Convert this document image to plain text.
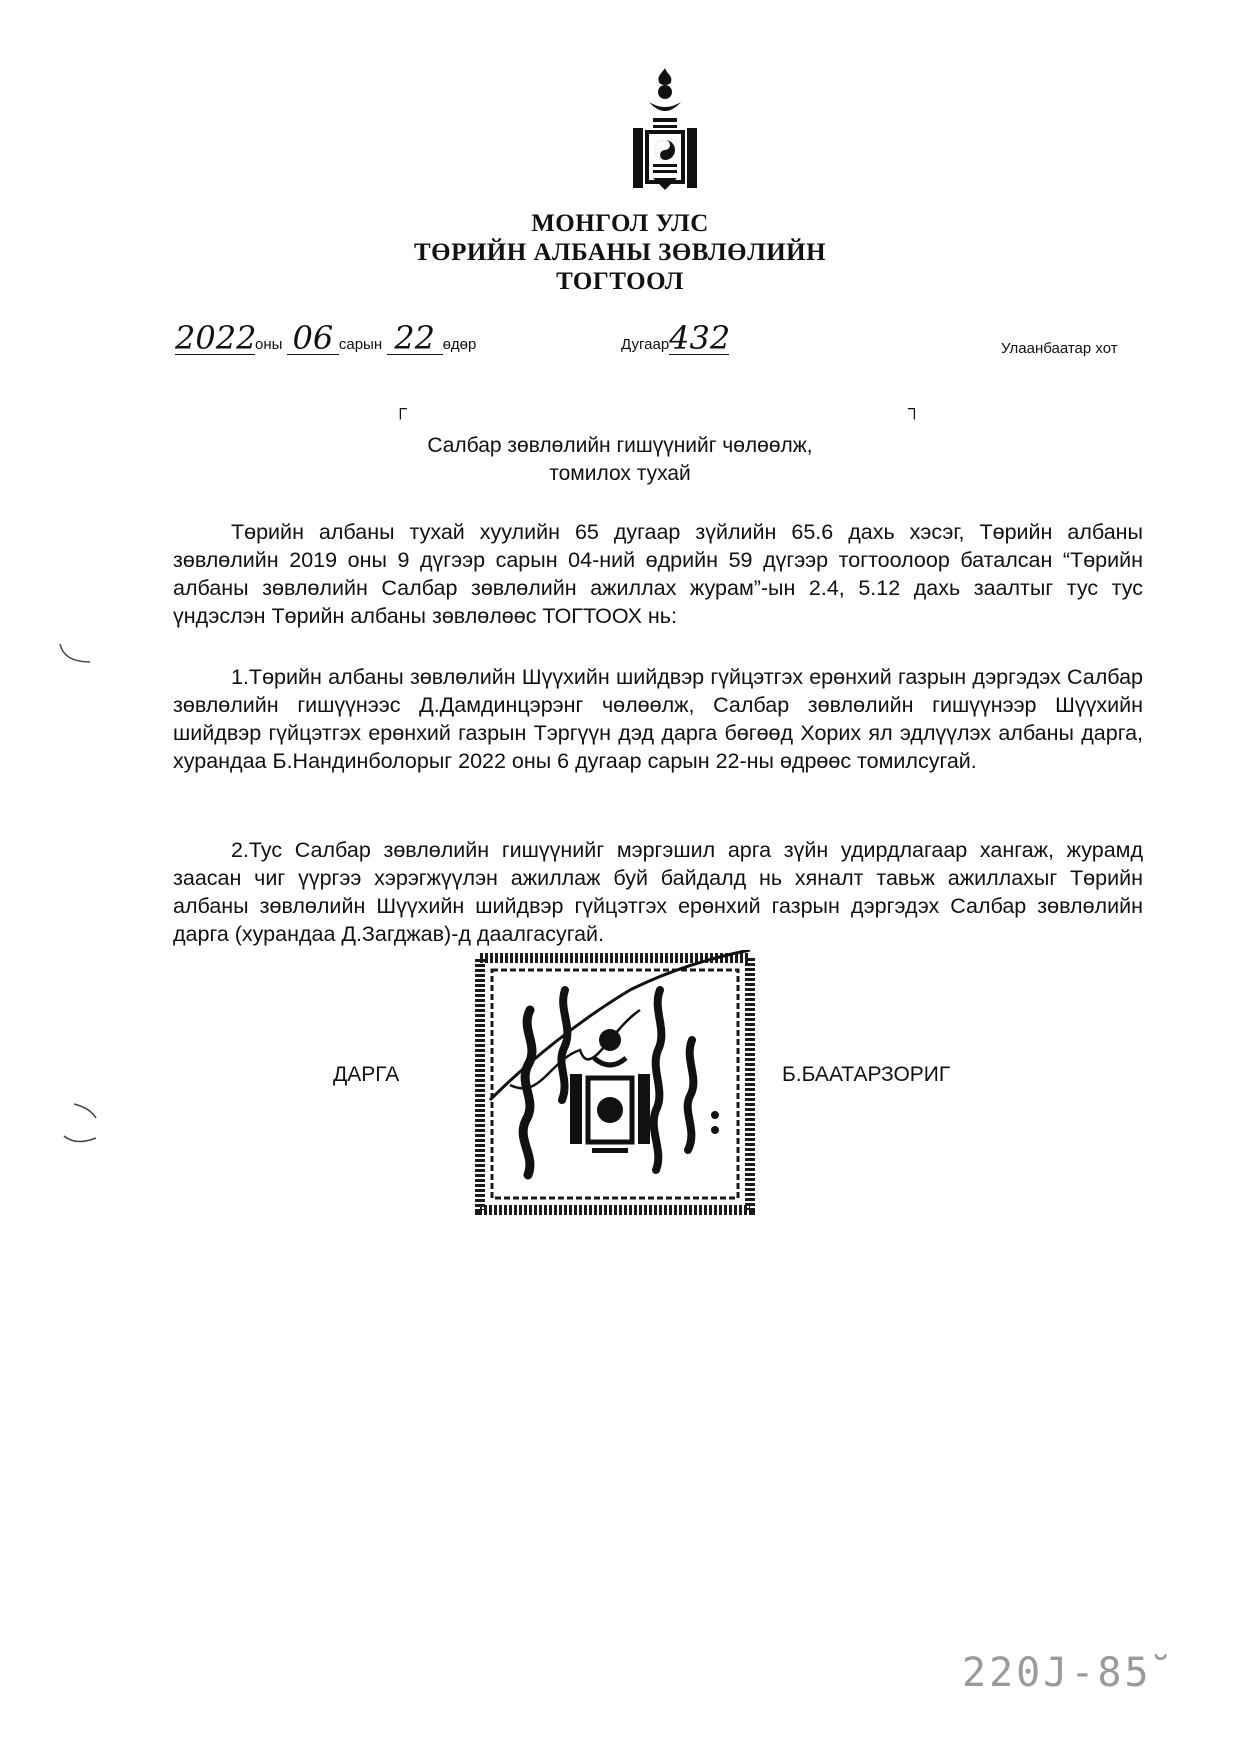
МОНГОЛ УЛС
ТӨРИЙН АЛБАНЫ ЗӨВЛӨЛИЙН
ТОГТООЛ
2022оны 06 сарын 22 өдөр	Дугаар432	Улаанбаатар хот
┌	┐
Салбар зөвлөлийн гишүүнийг чөлөөлж,
томилох тухай
Төрийн албаны тухай хуулийн 65 дугаар зүйлийн 65.6 дахь хэсэг, Төрийн албаны зөвлөлийн 2019 оны 9 дүгээр сарын 04-ний өдрийн 59 дүгээр тогтоолоор баталсан “Төрийн албаны зөвлөлийн Салбар зөвлөлийн ажиллах журам”-ын 2.4, 5.12 дахь заалтыг тус тус үндэслэн Төрийн албаны зөвлөлөөс ТОГТООХ нь:
1.Төрийн албаны зөвлөлийн Шүүхийн шийдвэр гүйцэтгэх ерөнхий газрын дэргэдэх Салбар зөвлөлийн гишүүнээс Д.Дамдинцэрэнг чөлөөлж, Салбар зөвлөлийн гишүүнээр Шүүхийн шийдвэр гүйцэтгэх ерөнхий газрын Тэргүүн дэд дарга бөгөөд Хорих ял эдлүүлэх албаны дарга, хурандаа Б.Нандинболорыг 2022 оны 6 дугаар сарын 22-ны өдрөөс томилсугай.
2.Тус Салбар зөвлөлийн гишүүнийг мэргэшил арга зүйн удирдлагаар хангаж, журамд заасан чиг үүргээ хэрэгжүүлэн ажиллаж буй байдалд нь хяналт тавьж ажиллахыг Төрийн албаны зөвлөлийн Шүүхийн шийдвэр гүйцэтгэх ерөнхий газрын дэргэдэх Салбар зөвлөлийн дарга (хурандаа Д.Загджав)-д даалгасугай.
ДАРГА	Б.БААТАРЗОРИГ
220J-85̆
